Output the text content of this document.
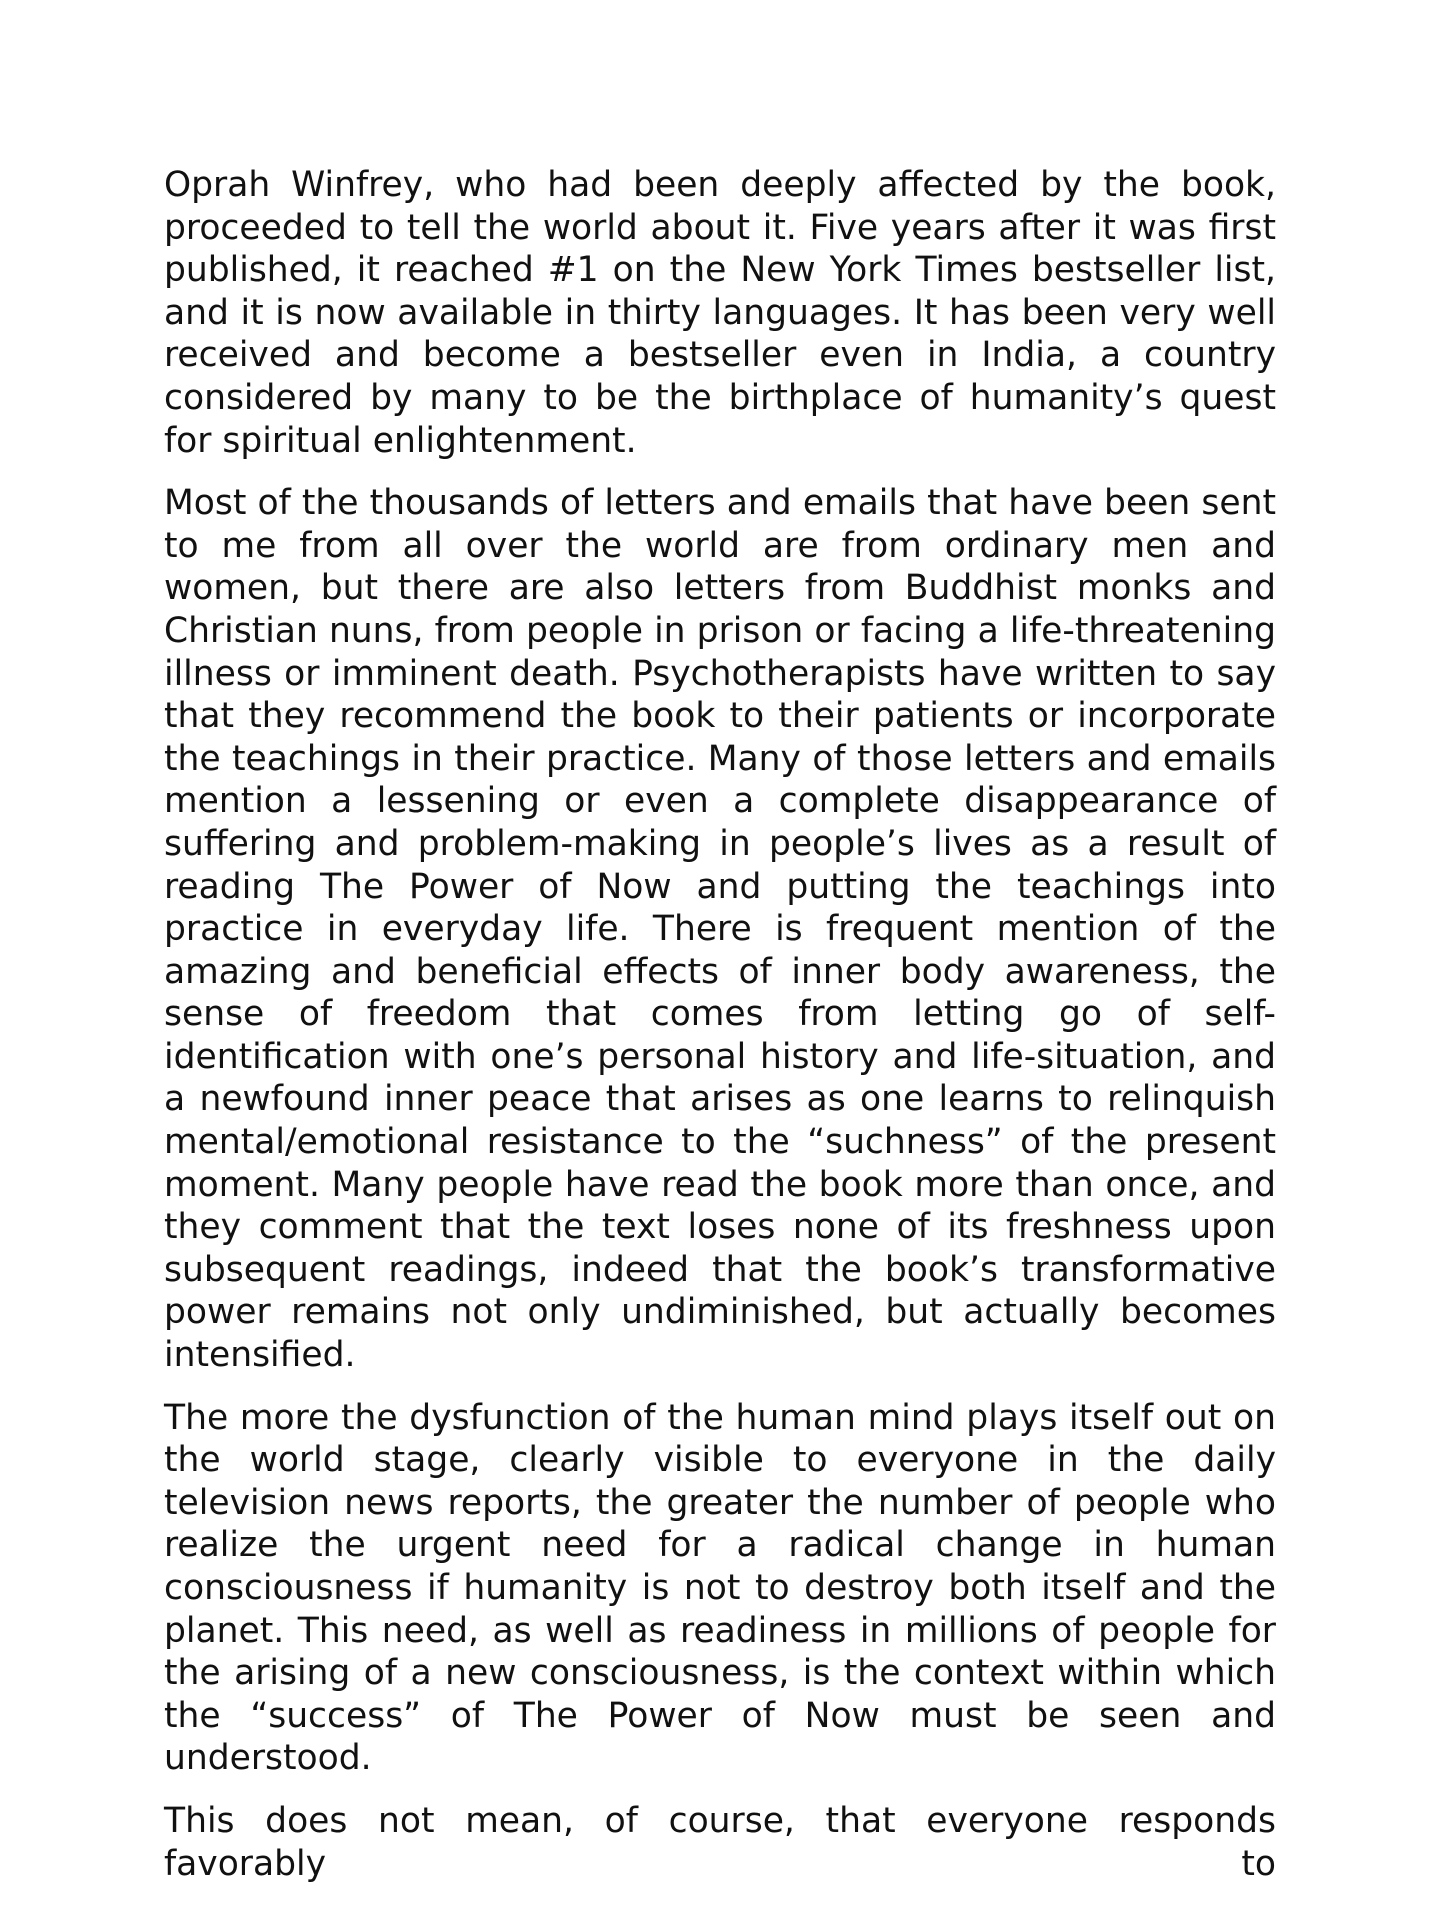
Oprah Winfrey, who had been deeply affected by the book, proceeded to tell the world about it. Five years after it was first published, it reached #1 on the New York Times bestseller list, and it is now available in thirty languages. It has been very well received and become a bestseller even in India, a country considered by many to be the birthplace of humanity’s quest for spiritual enlightenment.

Most of the thousands of letters and emails that have been sent to me from all over the world are from ordinary men and women, but there are also letters from Buddhist monks and Christian nuns, from people in prison or facing a life-threatening illness or imminent death. Psychotherapists have written to say that they recommend the book to their patients or incorporate the teachings in their practice. Many of those letters and emails mention a lessening or even a complete disappearance of suffering and problem-making in people’s lives as a result of reading The Power of Now and putting the teachings into practice in everyday life. There is frequent mention of the amazing and beneficial effects of inner body awareness, the sense of freedom that comes from letting go of self-identification with one’s personal history and life-situation, and a newfound inner peace that arises as one learns to relinquish mental/emotional resistance to the “suchness” of the present moment. Many people have read the book more than once, and they comment that the text loses none of its freshness upon subsequent readings, indeed that the book’s transformative power remains not only undiminished, but actually becomes intensified.

The more the dysfunction of the human mind plays itself out on the world stage, clearly visible to everyone in the daily television news reports, the greater the number of people who realize the urgent need for a radical change in human consciousness if humanity is not to destroy both itself and the planet. This need, as well as readiness in millions of people for the arising of a new consciousness, is the context within which the “success” of The Power of Now must be seen and understood.

This does not mean, of course, that everyone responds favorably to
